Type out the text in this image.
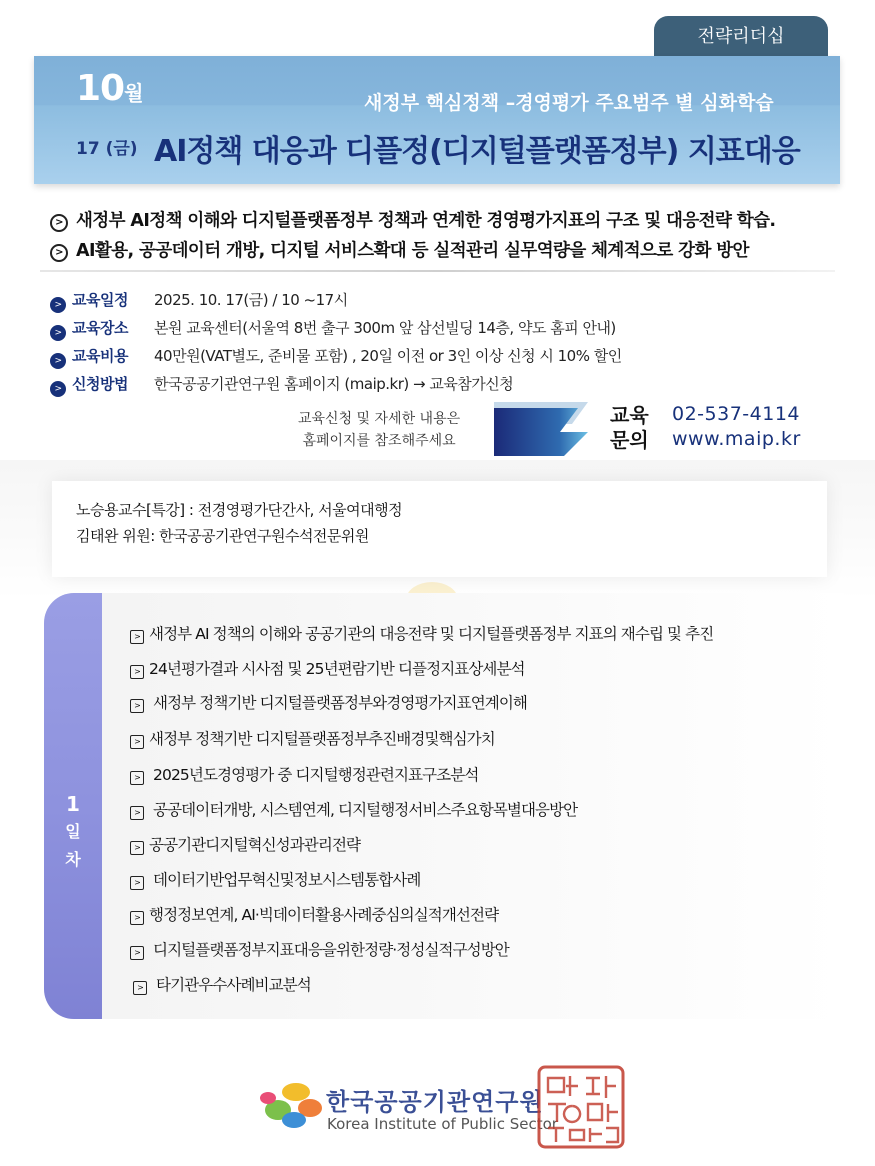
전략리더십
10월	새정부 핵심정책 –경영평가 주요범주 별 심화학습
17 (금) AI정책 대응과 디플정(디지털플랫폼정부) 지표대응
> 새정부 AI정책 이해와 디지털플랫폼정부 정책과 연계한 경영평가지표의 구조 및 대응전략 학습.
> AI활용, 공공데이터 개방, 디지털 서비스확대 등 실적관리 실무역량을 체계적으로 강화 방안
> 교육일정 2025. 10. 17(금) / 10 ~17시
> 교육장소 본원 교육센터(서울역 8번 출구 300m 앞 삼선빌딩 14층, 약도 홈피 안내)
> 교육비용 40만원(VAT별도, 준비물 포함) , 20일 이전 or 3인 이상 신청 시 10% 할인
> 신청방법 한국공공기관연구원 홈페이지 (maip.kr) → 교육참가신청
교육신청 및 자세한 내용은
홈페이지를 참조해주세요
교육
문의
02-537-4114
www.maip.kr
노승용교수[특강] : 전경영평가단간사, 서울여대행정
김태완 위원: 한국공공기관연구원수석전문위원
1
일
차
> 새정부 AI 정책의 이해와 공공기관의 대응전략 및 디지털플랫폼정부 지표의 재수립 및 추진
> 24년평가결과 시사점 및 25년편람기반 디플정지표상세분석
> 새정부 정책기반 디지털플랫폼정부와경영평가지표연계이해
> 새정부 정책기반 디지털플랫폼정부추진배경및핵심가치
> 2025년도경영평가 중 디지털행정관련지표구조분석
> 공공데이터개방, 시스템연계, 디지털행정서비스주요항목별대응방안
> 공공기관디지털혁신성과관리전략
> 데이터기반업무혁신및정보시스템통합사례
> 행정정보연계, AI·빅데이터활용사례중심의실적개선전략
> 디지털플랫폼정부지표대응을위한정량·정성실적구성방안
> 타기관우수사례비교분석
한국공공기관연구원
Korea Institute of Public Sector
